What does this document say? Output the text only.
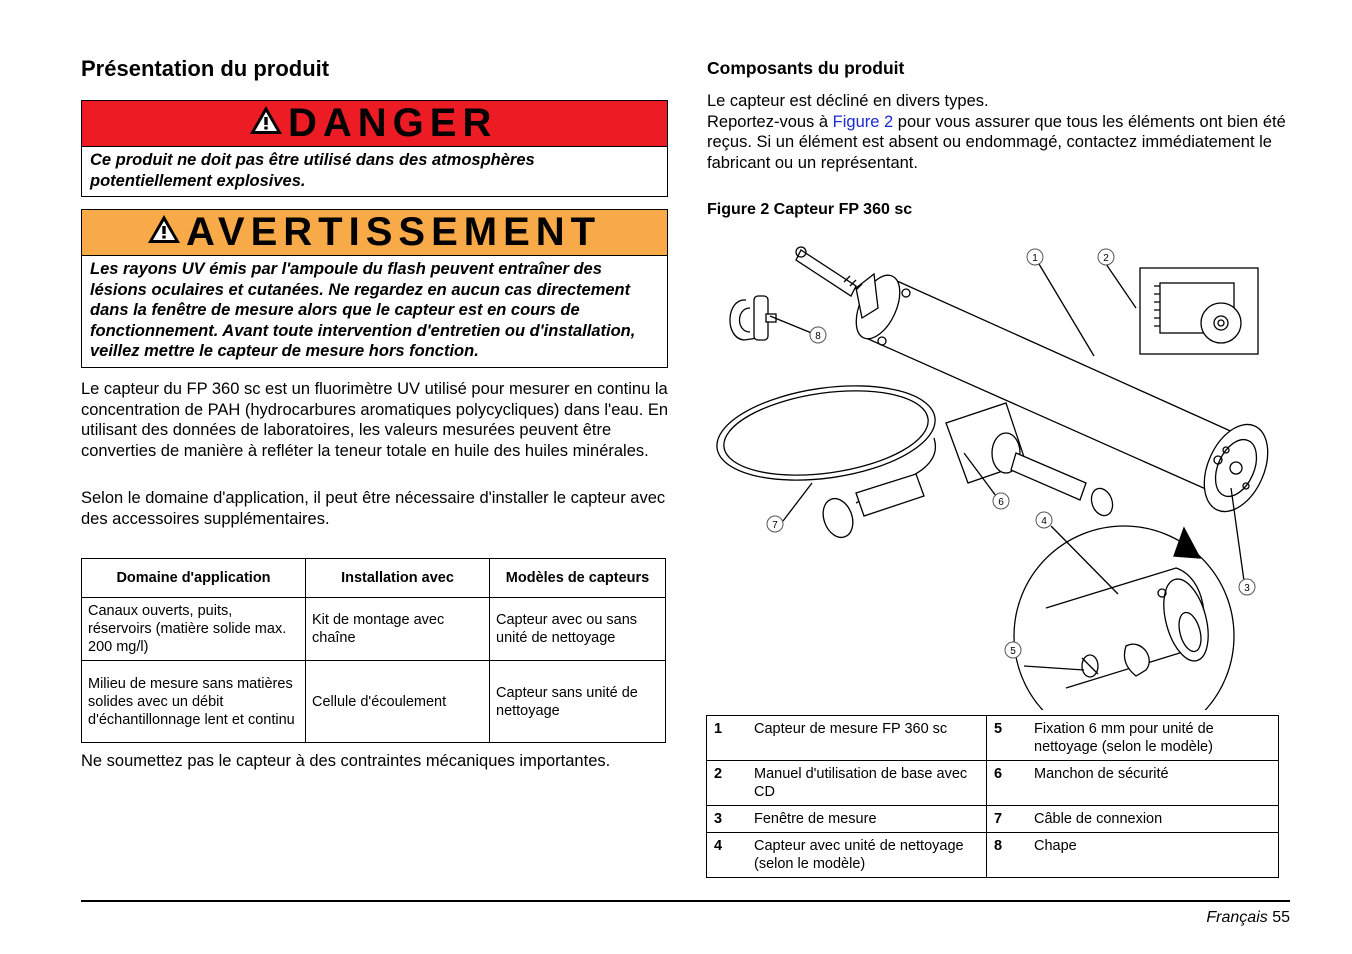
Présentation du produit
DANGER
Ce produit ne doit pas être utilisé dans des atmosphères potentiellement explosives.
AVERTISSEMENT
Les rayons UV émis par l'ampoule du flash peuvent entraîner des lésions oculaires et cutanées. Ne regardez en aucun cas directement dans la fenêtre de mesure alors que le capteur est en cours de fonctionnement. Avant toute intervention d'entretien ou d'installation, veillez mettre le capteur de mesure hors fonction.

Le capteur du FP 360 sc est un fluorimètre UV utilisé pour mesurer en continu la concentration de PAH (hydrocarbures aromatiques polycycliques) dans l'eau. En utilisant des données de laboratoires, les valeurs mesurées peuvent être converties de manière à refléter la teneur totale en huile des huiles minérales.

Selon le domaine d'application, il peut être nécessaire d'installer le capteur avec des accessoires supplémentaires.

Domaine d'application	Installation avec	Modèles de capteurs
Canaux ouverts, puits, réservoirs (matière solide max. 200 mg/l)	Kit de montage avec chaîne	Capteur avec ou sans unité de nettoyage
Milieu de mesure sans matières solides avec un débit d'échantillonnage lent et continu	Cellule d'écoulement	Capteur sans unité de nettoyage

Ne soumettez pas le capteur à des contraintes mécaniques importantes.

Composants du produit

Le capteur est décliné en divers types.
Reportez-vous à Figure 2 pour vous assurer que tous les éléments ont bien été reçus. Si un élément est absent ou endommagé, contactez immédiatement le fabricant ou un représentant.

Figure 2 Capteur FP 360 sc
1	2
3
4
5
6
7
8
1	Capteur de mesure FP 360 sc	5	Fixation 6 mm pour unité de nettoyage (selon le modèle)
2	Manuel d'utilisation de base avec CD	6	Manchon de sécurité
3	Fenêtre de mesure	7	Câble de connexion
4	Capteur avec unité de nettoyage (selon le modèle)	8	Chape
Français 55
